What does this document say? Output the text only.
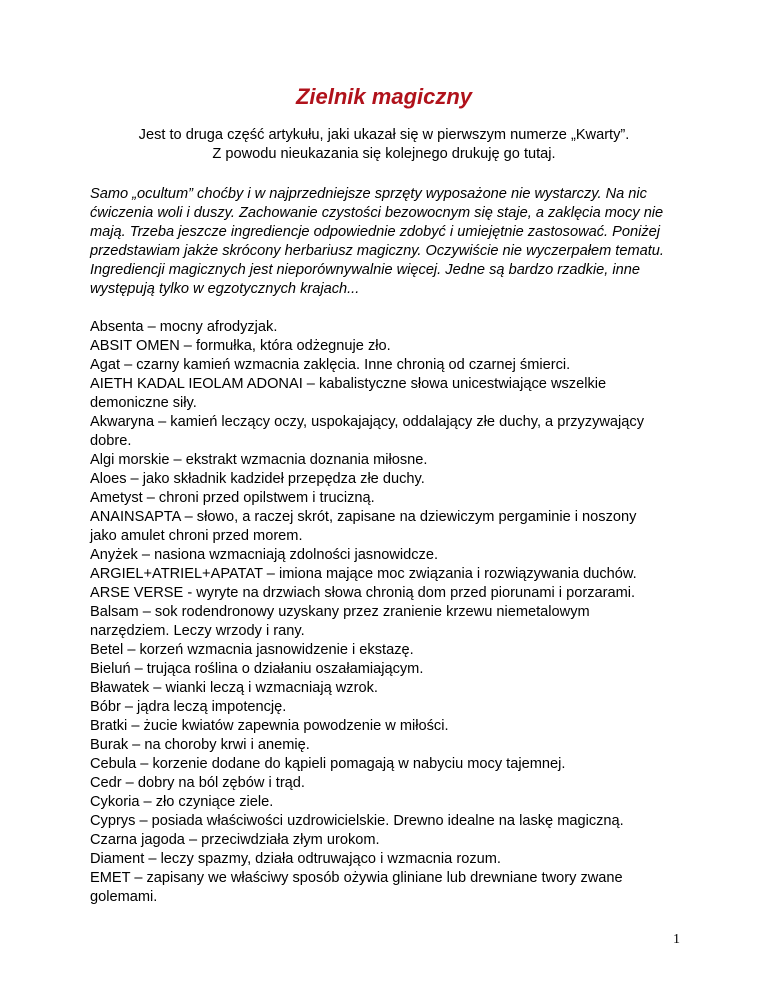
Zielnik magiczny
Jest to druga część artykułu, jaki ukazał się w pierwszym numerze „Kwarty”.
Z powodu nieukazania się kolejnego drukuję go tutaj.
Samo „ocultum” choćby i w najprzedniejsze sprzęty wyposażone nie wystarczy. Na nic
ćwiczenia woli i duszy. Zachowanie czystości bezowocnym się staje, a zaklęcia mocy nie
mają. Trzeba jeszcze ingrediencje odpowiednie zdobyć i umiejętnie zastosować. Poniżej
przedstawiam jakże skrócony herbariusz magiczny. Oczywiście nie wyczerpałem tematu.
Ingrediencji magicznych jest nieporównywalnie więcej. Jedne są bardzo rzadkie, inne
występują tylko w egzotycznych krajach...
Absenta – mocny afrodyzjak.
ABSIT OMEN – formułka, która odżegnuje zło.
Agat – czarny kamień wzmacnia zaklęcia. Inne chronią od czarnej śmierci.
AIETH KADAL IEOLAM ADONAI – kabalistyczne słowa unicestwiające wszelkie
demoniczne siły.
Akwaryna – kamień leczący oczy, uspokajający, oddalający złe duchy, a przyzywający
dobre.
Algi morskie – ekstrakt wzmacnia doznania miłosne.
Aloes – jako składnik kadzideł przepędza złe duchy.
Ametyst – chroni przed opilstwem i trucizną.
ANAINSAPTA – słowo, a raczej skrót, zapisane na dziewiczym pergaminie i noszony
jako amulet chroni przed morem.
Anyżek – nasiona wzmacniają zdolności jasnowidcze.
ARGIEL+ATRIEL+APATAT – imiona mające moc związania i rozwiązywania duchów.
ARSE VERSE - wyryte na drzwiach słowa chronią dom przed piorunami i porzarami.
Balsam – sok rodendronowy uzyskany przez zranienie krzewu niemetalowym
narzędziem. Leczy wrzody i rany.
Betel – korzeń wzmacnia jasnowidzenie i ekstazę.
Bieluń – trująca roślina o działaniu oszałamiającym.
Bławatek – wianki leczą i wzmacniają wzrok.
Bóbr – jądra leczą impotencję.
Bratki – żucie kwiatów zapewnia powodzenie w miłości.
Burak – na choroby krwi i anemię.
Cebula – korzenie dodane do kąpieli pomagają w nabyciu mocy tajemnej.
Cedr – dobry na ból zębów i trąd.
Cykoria – zło czyniące ziele.
Cyprys – posiada właściwości uzdrowicielskie. Drewno idealne na laskę magiczną.
Czarna jagoda – przeciwdziała złym urokom.
Diament – leczy spazmy, działa odtruwająco i wzmacnia rozum.
EMET – zapisany we właściwy sposób ożywia gliniane lub drewniane twory zwane
golemami.
1
